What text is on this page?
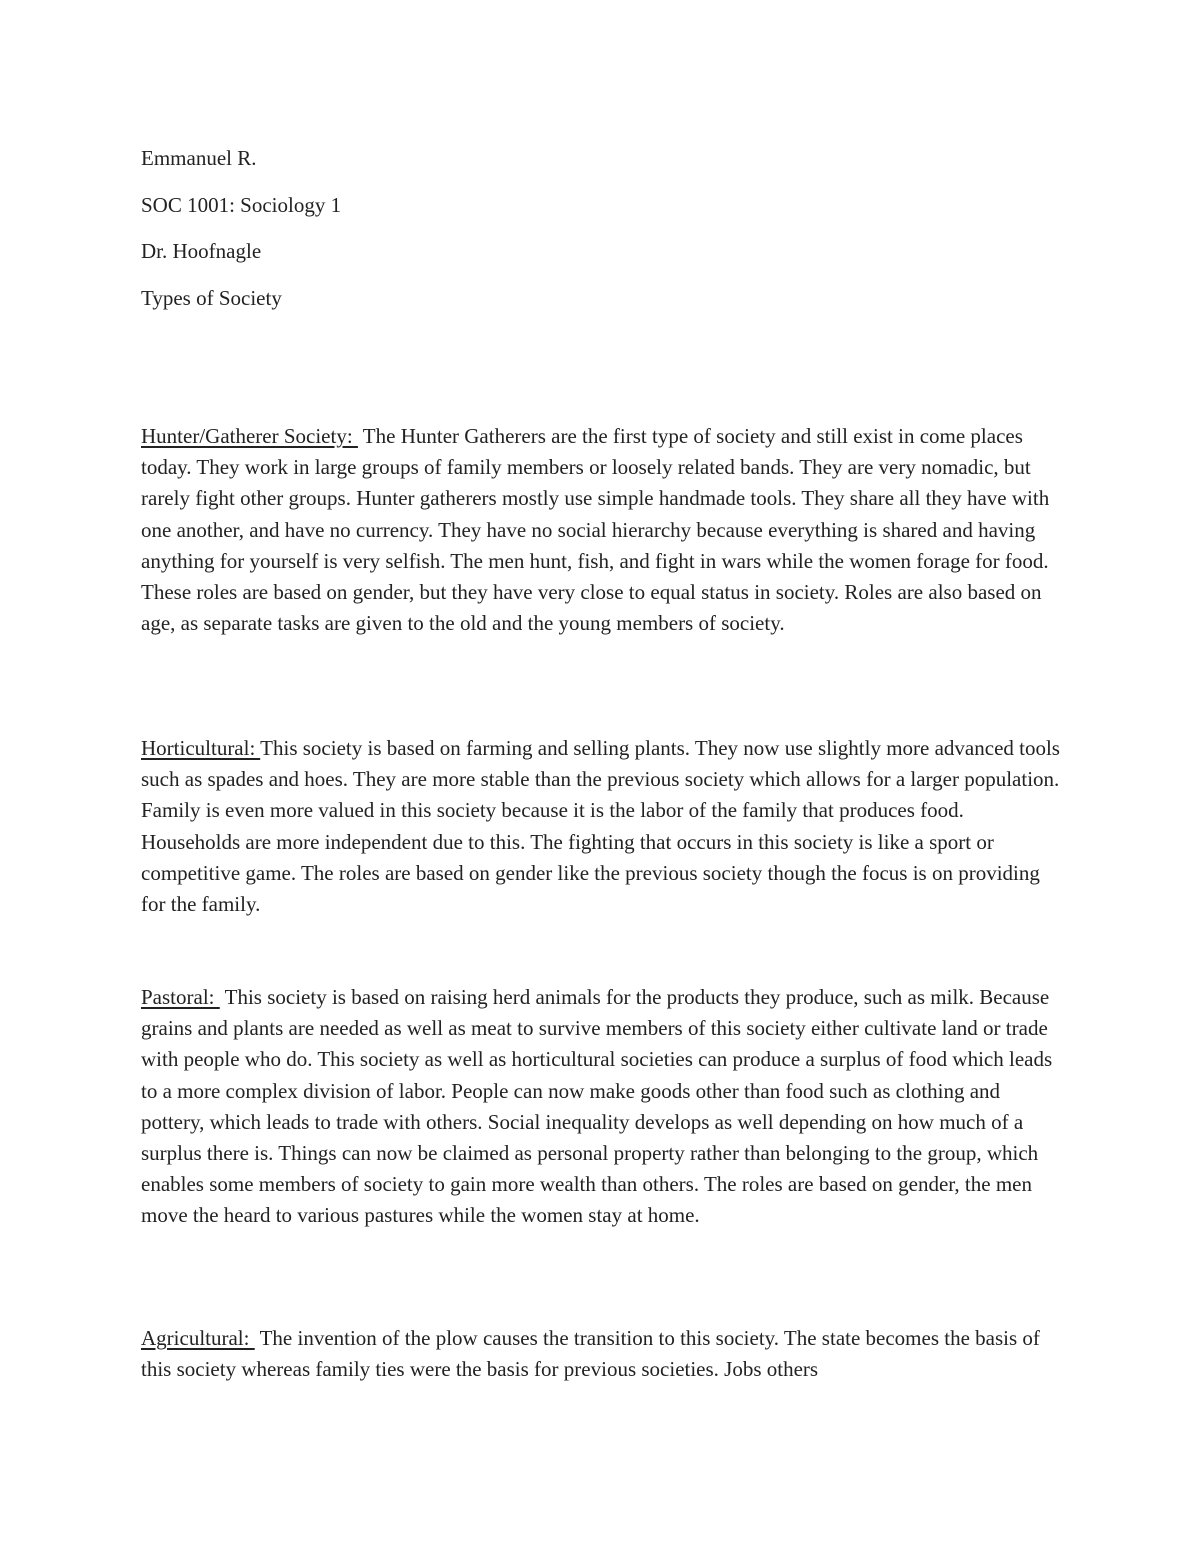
Emmanuel R.
SOC 1001: Sociology 1
Dr. Hoofnagle
Types of Society

Hunter/Gatherer Society:  The Hunter Gatherers are the first type of society and still exist in come places today. They work in large groups of family members or loosely related bands. They are very nomadic, but rarely fight other groups. Hunter gatherers mostly use simple handmade tools. They share all they have with one another, and have no currency. They have no social hierarchy because everything is shared and having anything for yourself is very selfish. The men hunt, fish, and fight in wars while the women forage for food. These roles are based on gender, but they have very close to equal status in society. Roles are also based on age, as separate tasks are given to the old and the young members of society.

Horticultural: This society is based on farming and selling plants. They now use slightly more advanced tools such as spades and hoes. They are more stable than the previous society which allows for a larger population. Family is even more valued in this society because it is the labor of the family that produces food. Households are more independent due to this. The fighting that occurs in this society is like a sport or competitive game. The roles are based on gender like the previous society though the focus is on providing for the family.

Pastoral:  This society is based on raising herd animals for the products they produce, such as milk. Because grains and plants are needed as well as meat to survive members of this society either cultivate land or trade with people who do. This society as well as horticultural societies can produce a surplus of food which leads to a more complex division of labor. People can now make goods other than food such as clothing and pottery, which leads to trade with others. Social inequality develops as well depending on how much of a surplus there is. Things can now be claimed as personal property rather than belonging to the group, which enables some members of society to gain more wealth than others. The roles are based on gender, the men move the heard to various pastures while the women stay at home.

Agricultural:  The invention of the plow causes the transition to this society. The state becomes the basis of this society whereas family ties were the basis for previous societies. Jobs others
